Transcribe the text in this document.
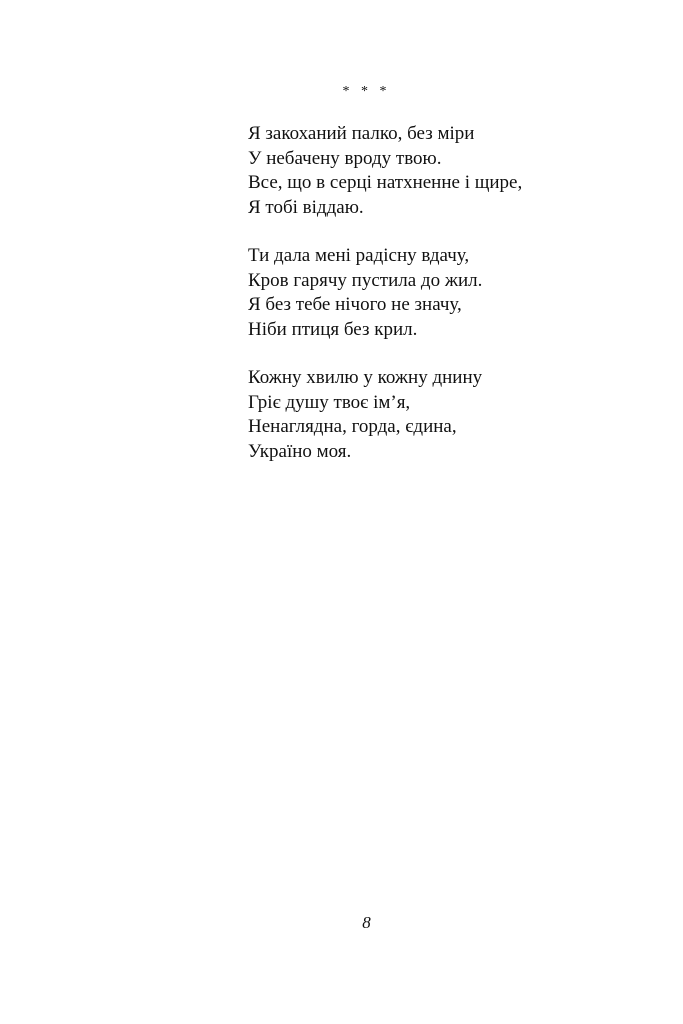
* * *
Я закоханий палко, без міри
У небачену вроду твою.
Все, що в серці натхненне і щире,
Я тобі віддаю.
Ти дала мені радісну вдачу,
Кров гарячу пустила до жил.
Я без тебе нічого не значу,
Ніби птиця без крил.
Кожну хвилю у кожну днину
Гріє душу твоє ім’я,
Ненаглядна, горда, єдина,
Україно моя.
8
